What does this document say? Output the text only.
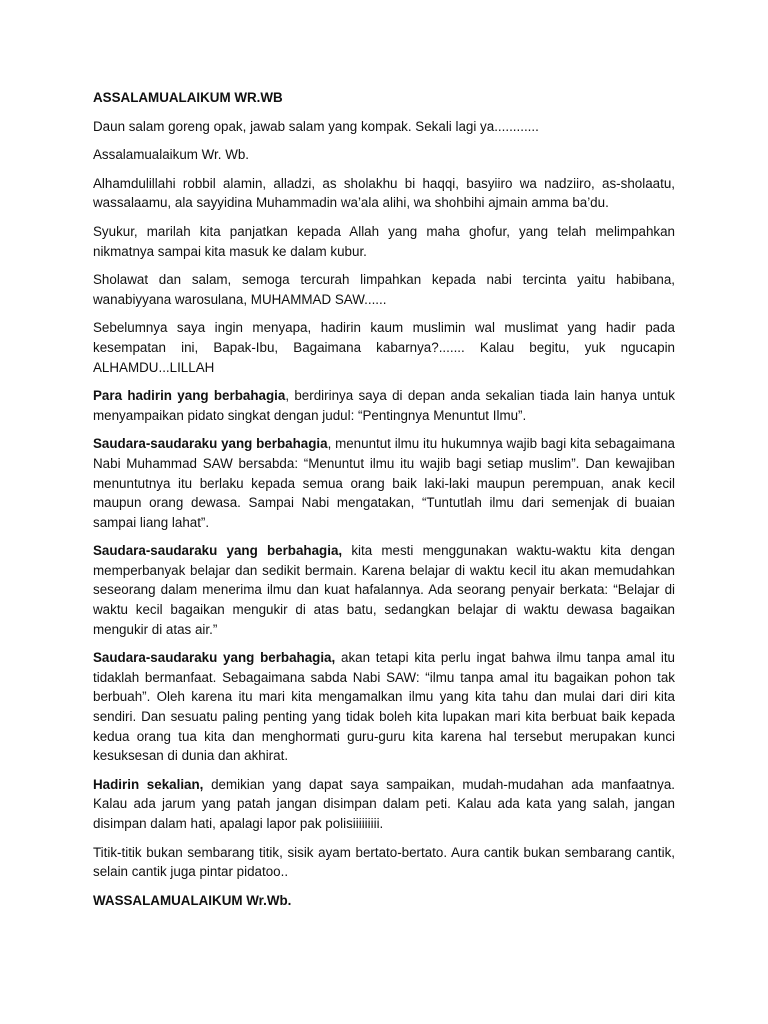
ASSALAMUALAIKUM WR.WB

Daun salam goreng opak, jawab salam yang kompak. Sekali lagi ya............

Assalamualaikum Wr. Wb.

Alhamdulillahi robbil alamin, alladzi, as sholakhu bi haqqi, basyiiro wa nadziiro, as-sholaatu, wassalaamu, ala sayyidina Muhammadin wa’ala alihi, wa shohbihi ajmain amma ba’du.

Syukur, marilah kita panjatkan kepada Allah yang maha ghofur, yang telah melimpahkan nikmatnya sampai kita masuk ke dalam kubur.

Sholawat dan salam, semoga tercurah limpahkan kepada nabi tercinta yaitu habibana, wanabiyyana warosulana, MUHAMMAD SAW......

Sebelumnya saya ingin menyapa, hadirin kaum muslimin wal muslimat yang hadir pada kesempatan ini, Bapak-Ibu, Bagaimana kabarnya?....... Kalau begitu, yuk ngucapin ALHAMDU...LILLAH

Para hadirin yang berbahagia, berdirinya saya di depan anda sekalian tiada lain hanya untuk menyampaikan pidato singkat dengan judul: “Pentingnya Menuntut Ilmu”.

Saudara-saudaraku yang berbahagia, menuntut ilmu itu hukumnya wajib bagi kita sebagaimana Nabi Muhammad SAW bersabda: “Menuntut ilmu itu wajib bagi setiap muslim”. Dan kewajiban menuntutnya itu berlaku kepada semua orang baik laki-laki maupun perempuan, anak kecil maupun orang dewasa. Sampai Nabi mengatakan, “Tuntutlah ilmu dari semenjak di buaian sampai liang lahat”.

Saudara-saudaraku yang berbahagia, kita mesti menggunakan waktu-waktu kita dengan memperbanyak belajar dan sedikit bermain. Karena belajar di waktu kecil itu akan memudahkan seseorang dalam menerima ilmu dan kuat hafalannya. Ada seorang penyair berkata: “Belajar di waktu kecil bagaikan mengukir di atas batu, sedangkan belajar di waktu dewasa bagaikan mengukir di atas air.”

Saudara-saudaraku yang berbahagia, akan tetapi kita perlu ingat bahwa ilmu tanpa amal itu tidaklah bermanfaat. Sebagaimana sabda Nabi SAW: “ilmu tanpa amal itu bagaikan pohon tak berbuah”. Oleh karena itu mari kita mengamalkan ilmu yang kita tahu dan mulai dari diri kita sendiri. Dan sesuatu paling penting yang tidak boleh kita lupakan mari kita berbuat baik kepada kedua orang tua kita dan menghormati guru-guru kita karena hal tersebut merupakan kunci kesuksesan di dunia dan akhirat.

Hadirin sekalian, demikian yang dapat saya sampaikan, mudah-mudahan ada manfaatnya. Kalau ada jarum yang patah jangan disimpan dalam peti. Kalau ada kata yang salah, jangan disimpan dalam hati, apalagi lapor pak polisiiiiiiiii.

Titik-titik bukan sembarang titik, sisik ayam bertato-bertato. Aura cantik bukan sembarang cantik, selain cantik juga pintar pidatoo..

WASSALAMUALAIKUM Wr.Wb.
